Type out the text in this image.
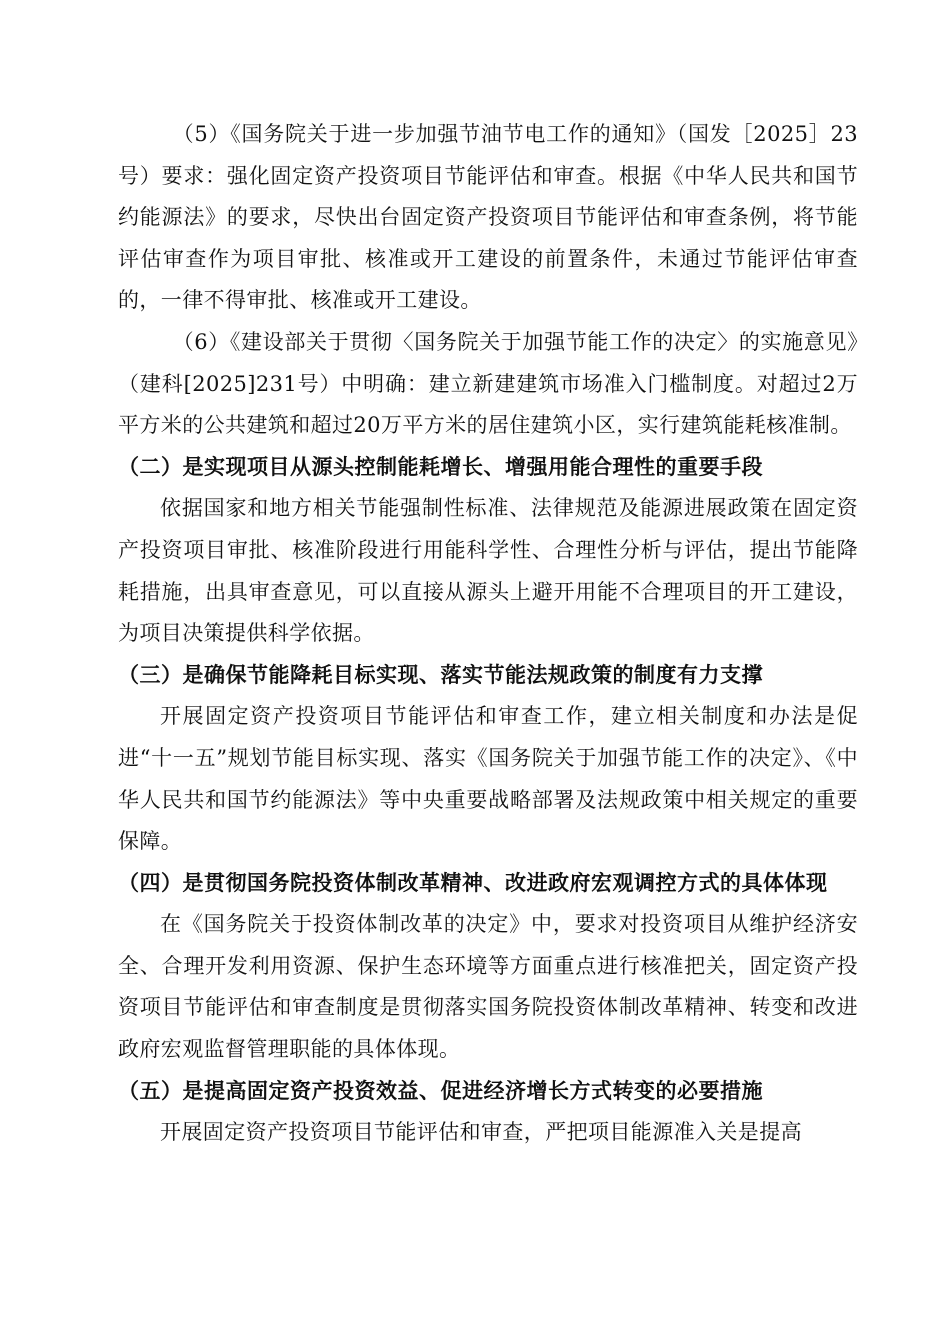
（5）《国务院关于进一步加强节油节电工作的通知》（国发［2025］23号）要求：强化固定资产投资项目节能评估和审查。根据《中华人民共和国节约能源法》的要求，尽快出台固定资产投资项目节能评估和审查条例，将节能评估审查作为项目审批、核准或开工建设的前置条件，未通过节能评估审查的，一律不得审批、核准或开工建设。

（6）《建设部关于贯彻〈国务院关于加强节能工作的决定〉的实施意见》（建科[2025]231号）中明确：建立新建建筑市场准入门槛制度。对超过2万平方米的公共建筑和超过20万平方米的居住建筑小区，实行建筑能耗核准制。

（二）是实现项目从源头控制能耗增长、增强用能合理性的重要手段

依据国家和地方相关节能强制性标准、法律规范及能源进展政策在固定资产投资项目审批、核准阶段进行用能科学性、合理性分析与评估，提出节能降耗措施，出具审查意见，可以直接从源头上避开用能不合理项目的开工建设，为项目决策提供科学依据。

（三）是确保节能降耗目标实现、落实节能法规政策的制度有力支撑

开展固定资产投资项目节能评估和审查工作，建立相关制度和办法是促进“十一五”规划节能目标实现、落实《国务院关于加强节能工作的决定》、《中华人民共和国节约能源法》等中央重要战略部署及法规政策中相关规定的重要保障。

（四）是贯彻国务院投资体制改革精神、改进政府宏观调控方式的具体体现

在《国务院关于投资体制改革的决定》中，要求对投资项目从维护经济安全、合理开发利用资源、保护生态环境等方面重点进行核准把关，固定资产投资项目节能评估和审查制度是贯彻落实国务院投资体制改革精神、转变和改进政府宏观监督管理职能的具体体现。

（五）是提高固定资产投资效益、促进经济增长方式转变的必要措施

开展固定资产投资项目节能评估和审查，严把项目能源准入关是提高
